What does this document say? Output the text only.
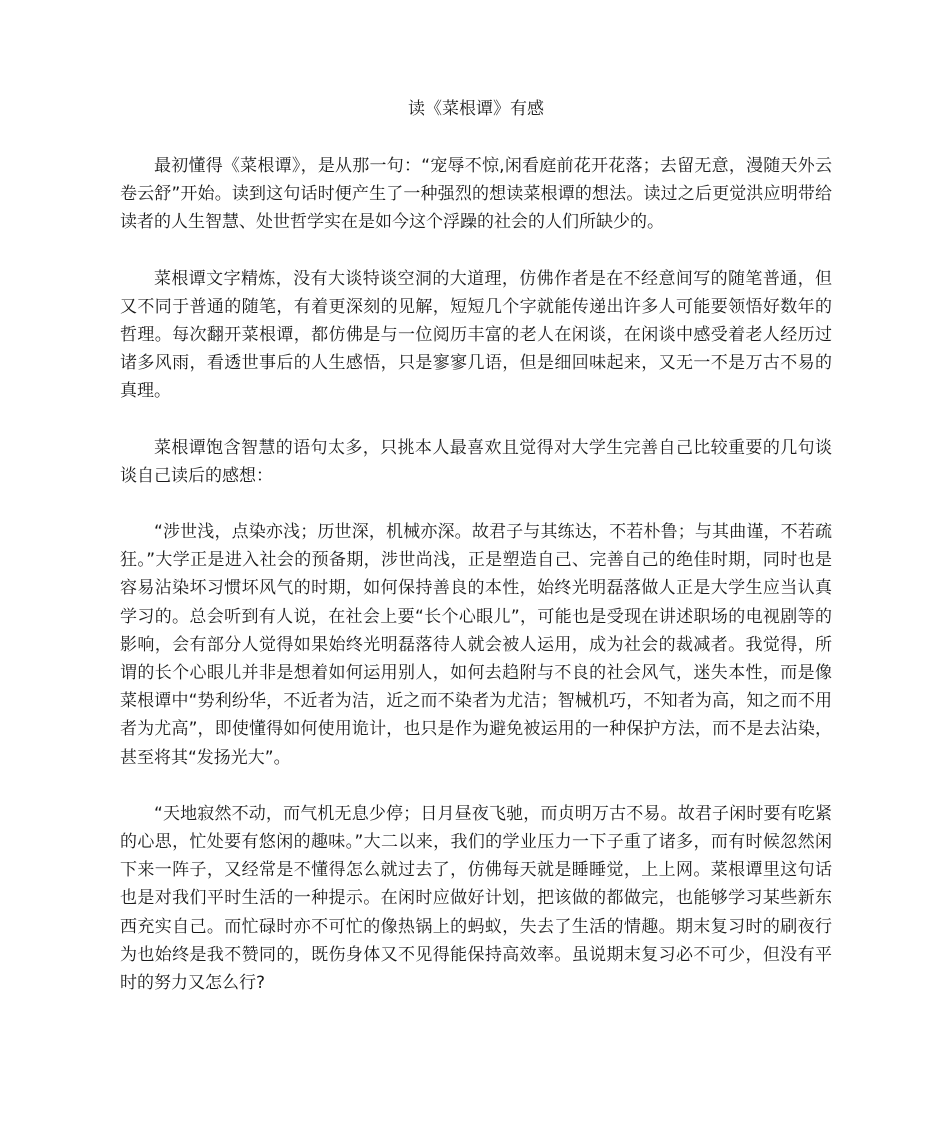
读《菜根谭》有感

最初懂得《菜根谭》，是从那一句：“宠辱不惊,闲看庭前花开花落；去留无意，漫随天外云卷云舒”开始。读到这句话时便产生了一种强烈的想读菜根谭的想法。读过之后更觉洪应明带给读者的人生智慧、处世哲学实在是如今这个浮躁的社会的人们所缺少的。

菜根谭文字精炼，没有大谈特谈空洞的大道理，仿佛作者是在不经意间写的随笔普通，但又不同于普通的随笔，有着更深刻的见解，短短几个字就能传递出许多人可能要领悟好数年的哲理。每次翻开菜根谭，都仿佛是与一位阅历丰富的老人在闲谈，在闲谈中感受着老人经历过诸多风雨，看透世事后的人生感悟，只是寥寥几语，但是细回味起来，又无一不是万古不易的真理。

菜根谭饱含智慧的语句太多，只挑本人最喜欢且觉得对大学生完善自己比较重要的几句谈谈自己读后的感想：

“涉世浅，点染亦浅；历世深，机械亦深。故君子与其练达，不若朴鲁；与其曲谨，不若疏狂。”大学正是进入社会的预备期，涉世尚浅，正是塑造自己、完善自己的绝佳时期，同时也是容易沾染坏习惯坏风气的时期，如何保持善良的本性，始终光明磊落做人正是大学生应当认真学习的。总会听到有人说，在社会上要“长个心眼儿”，可能也是受现在讲述职场的电视剧等的影响，会有部分人觉得如果始终光明磊落待人就会被人运用，成为社会的裁减者。我觉得，所谓的长个心眼儿并非是想着如何运用别人，如何去趋附与不良的社会风气，迷失本性，而是像菜根谭中“势利纷华，不近者为洁，近之而不染者为尤洁；智械机巧，不知者为高，知之而不用者为尤高”，即使懂得如何使用诡计，也只是作为避免被运用的一种保护方法，而不是去沾染，甚至将其“发扬光大”。

“天地寂然不动，而气机无息少停；日月昼夜飞驰，而贞明万古不易。故君子闲时要有吃紧的心思，忙处要有悠闲的趣味。”大二以来，我们的学业压力一下子重了诸多，而有时候忽然闲下来一阵子，又经常是不懂得怎么就过去了，仿佛每天就是睡睡觉，上上网。菜根谭里这句话也是对我们平时生活的一种提示。在闲时应做好计划，把该做的都做完，也能够学习某些新东西充实自己。而忙碌时亦不可忙的像热锅上的蚂蚁，失去了生活的情趣。期末复习时的刷夜行为也始终是我不赞同的，既伤身体又不见得能保持高效率。虽说期末复习必不可少，但没有平时的努力又怎么行?
